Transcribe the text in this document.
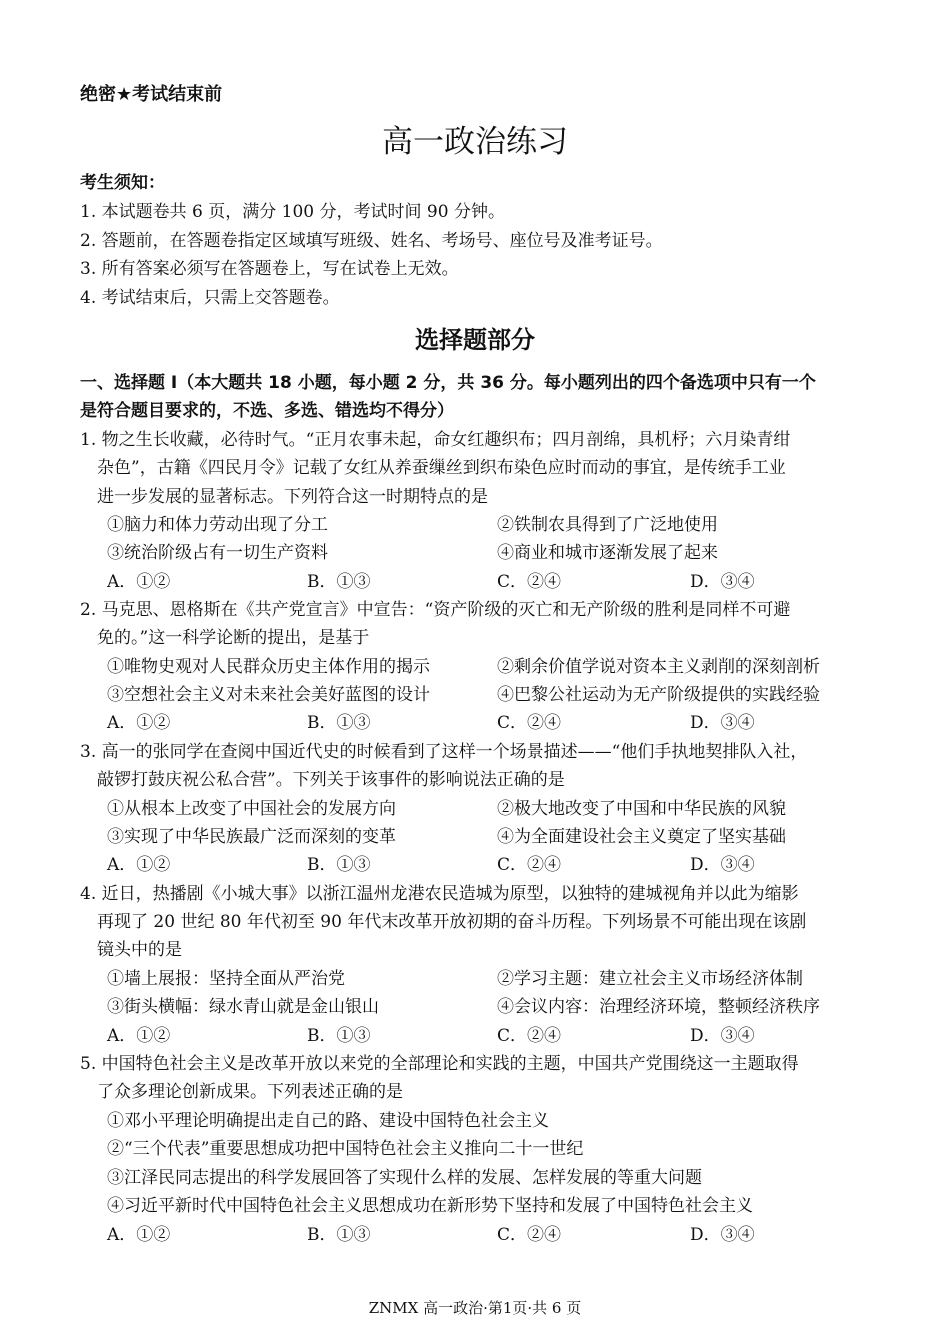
绝密★考试结束前
高一政治练习
考生须知：
1. 本试题卷共 6 页，满分 100 分，考试时间 90 分钟。
2. 答题前，在答题卷指定区域填写班级、姓名、考场号、座位号及准考证号。
3. 所有答案必须写在答题卷上，写在试卷上无效。
4. 考试结束后，只需上交答题卷。
选择题部分
一、选择题 I（本大题共 18 小题，每小题 2 分，共 36 分。每小题列出的四个备选项中只有一个
是符合题目要求的，不选、多选、错选均不得分）
1. 物之生长收藏，必待时气。“正月农事未起，命女红趣织布；四月剖绵，具机杼；六月染青绀
杂色”，古籍《四民月令》记载了女红从养蚕缫丝到织布染色应时而动的事宜，是传统手工业
进一步发展的显著标志。下列符合这一时期特点的是
①脑力和体力劳动出现了分工	②铁制农具得到了广泛地使用
③统治阶级占有一切生产资料	④商业和城市逐渐发展了起来
A．①②	B．①③	C．②④	D．③④
2. 马克思、恩格斯在《共产党宣言》中宣告：“资产阶级的灭亡和无产阶级的胜利是同样不可避
免的。”这一科学论断的提出，是基于
①唯物史观对人民群众历史主体作用的揭示	②剩余价值学说对资本主义剥削的深刻剖析
③空想社会主义对未来社会美好蓝图的设计	④巴黎公社运动为无产阶级提供的实践经验
A．①②	B．①③	C．②④	D．③④
3. 高一的张同学在查阅中国近代史的时候看到了这样一个场景描述——“他们手执地契排队入社，
敲锣打鼓庆祝公私合营”。下列关于该事件的影响说法正确的是
①从根本上改变了中国社会的发展方向	②极大地改变了中国和中华民族的风貌
③实现了中华民族最广泛而深刻的变革	④为全面建设社会主义奠定了坚实基础
A．①②	B．①③	C．②④	D．③④
4. 近日，热播剧《小城大事》以浙江温州龙港农民造城为原型，以独特的建城视角并以此为缩影
再现了 20 世纪 80 年代初至 90 年代末改革开放初期的奋斗历程。下列场景不可能出现在该剧
镜头中的是
①墙上展报：坚持全面从严治党	②学习主题：建立社会主义市场经济体制
③街头横幅：绿水青山就是金山银山	④会议内容：治理经济环境，整顿经济秩序
A．①②	B．①③	C．②④	D．③④
5. 中国特色社会主义是改革开放以来党的全部理论和实践的主题，中国共产党围绕这一主题取得
了众多理论创新成果。下列表述正确的是
①邓小平理论明确提出走自己的路、建设中国特色社会主义
②“三个代表”重要思想成功把中国特色社会主义推向二十一世纪
③江泽民同志提出的科学发展回答了实现什么样的发展、怎样发展的等重大问题
④习近平新时代中国特色社会主义思想成功在新形势下坚持和发展了中国特色社会主义
A．①②	B．①③	C．②④	D．③④
ZNMX 高一政治·第1页·共 6 页
